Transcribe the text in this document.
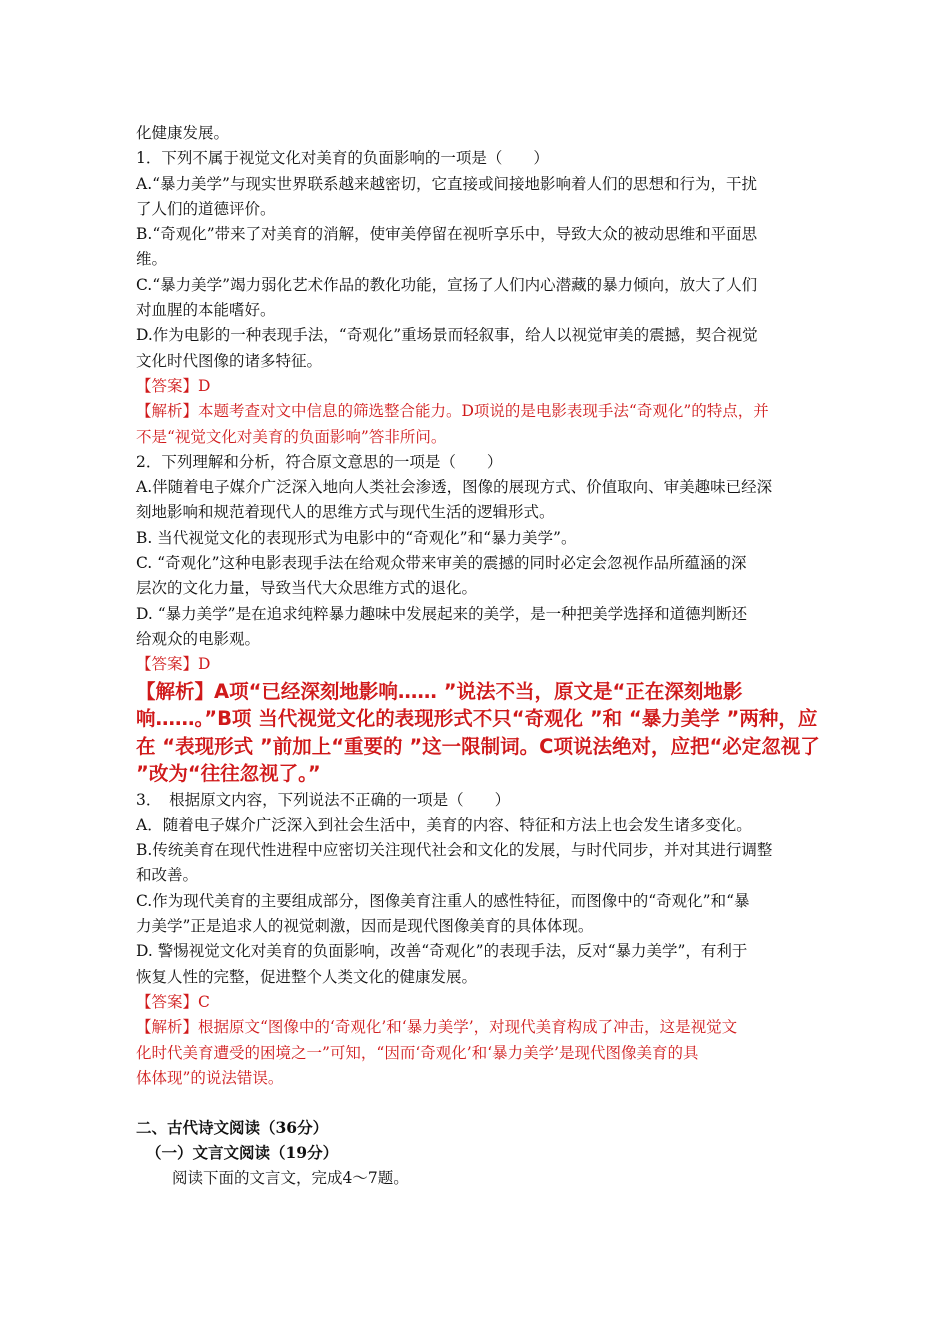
化健康发展。

1．下列不属于视觉文化对美育的负面影响的一项是（　　）

A.“暴力美学”与现实世界联系越来越密切，它直接或间接地影响着人们的思想和行为，干扰

了人们的道德评价。

B.“奇观化”带来了对美育的消解，使审美停留在视听享乐中，导致大众的被动思维和平面思

维。

C.“暴力美学”竭力弱化艺术作品的教化功能，宣扬了人们内心潜藏的暴力倾向，放大了人们

对血腥的本能嗜好。

D.作为电影的一种表现手法，“奇观化”重场景而轻叙事，给人以视觉审美的震撼，契合视觉

文化时代图像的诸多特征。

【答案】D

【解析】本题考查对文中信息的筛选整合能力。D项说的是电影表现手法“奇观化”的特点，并

不是“视觉文化对美育的负面影响”答非所问。

2．下列理解和分析，符合原文意思的一项是（　　）

A.伴随着电子媒介广泛深入地向人类社会渗透，图像的展现方式、价值取向、审美趣味已经深

刻地影响和规范着现代人的思维方式与现代生活的逻辑形式。

B. 当代视觉文化的表现形式为电影中的“奇观化”和“暴力美学”。

C. “奇观化”这种电影表现手法在给观众带来审美的震撼的同时必定会忽视作品所蕴涵的深

层次的文化力量，导致当代大众思维方式的退化。

D. “暴力美学”是在追求纯粹暴力趣味中发展起来的美学，是一种把美学选择和道德判断还

给观众的电影观。

【答案】D

【解析】A项“已经深刻地影响…… ”说法不当，原文是“正在深刻地影响……。”B项 当代视觉文化的表现形式不只“奇观化 ”和 “暴力美学 ”两种，应在 “表现形式 ”前加上“重要的 ”这一限制词。C项说法绝对，应把“必定忽视了 ”改为“往往忽视了。”

3．　根据原文内容，下列说法不正确的一项是（　　）

A．随着电子媒介广泛深入到社会生活中，美育的内容、特征和方法上也会发生诸多变化。

B.传统美育在现代性进程中应密切关注现代社会和文化的发展，与时代同步，并对其进行调整

和改善。

C.作为现代美育的主要组成部分，图像美育注重人的感性特征，而图像中的“奇观化”和“暴

力美学”正是追求人的视觉刺激，因而是现代图像美育的具体体现。

D. 警惕视觉文化对美育的负面影响，改善“奇观化”的表现手法，反对“暴力美学”，有利于

恢复人性的完整，促进整个人类文化的健康发展。

【答案】C

【解析】根据原文“图像中的‘奇观化’和‘暴力美学’，对现代美育构成了冲击，这是视觉文

化时代美育遭受的困境之一”可知，“因而‘奇观化’和‘暴力美学’是现代图像美育的具

体体现”的说法错误。

二、古代诗文阅读（36分）

（一）文言文阅读（19分）

阅读下面的文言文，完成4～7题。
